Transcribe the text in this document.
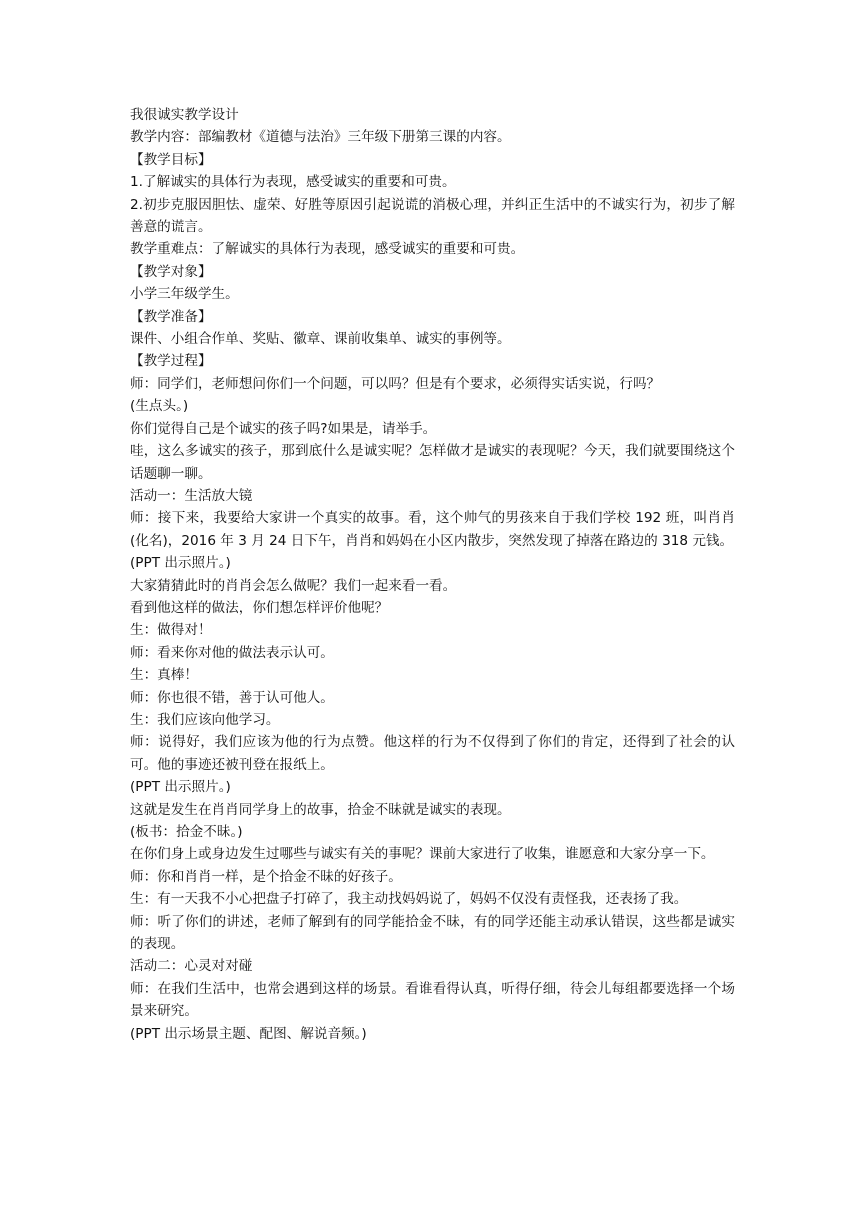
我很诚实教学设计
教学内容：部编教材《道德与法治》三年级下册第三课的内容。
【教学目标】
1.了解诚实的具体行为表现，感受诚实的重要和可贵。
2.初步克服因胆怯、虚荣、好胜等原因引起说谎的消极心理，并纠正生活中的不诚实行为，初步了解善意的谎言。
教学重难点：了解诚实的具体行为表现，感受诚实的重要和可贵。
【教学对象】
小学三年级学生。
【教学准备】
课件、小组合作单、奖贴、徽章、课前收集单、诚实的事例等。
【教学过程】
师：同学们，老师想问你们一个问题，可以吗？但是有个要求，必须得实话实说，行吗？
(生点头。)
你们觉得自己是个诚实的孩子吗?如果是，请举手。
哇，这么多诚实的孩子，那到底什么是诚实呢？怎样做才是诚实的表现呢？今天，我们就要围绕这个话题聊一聊。
活动一：生活放大镜
师：接下来，我要给大家讲一个真实的故事。看，这个帅气的男孩来自于我们学校 192 班，叫肖肖(化名)，2016 年 3 月 24 日下午，肖肖和妈妈在小区内散步，突然发现了掉落在路边的 318 元钱。
(PPT 出示照片。)
大家猜猜此时的肖肖会怎么做呢？我们一起来看一看。
看到他这样的做法，你们想怎样评价他呢？
生：做得对！
师：看来你对他的做法表示认可。
生：真棒！
师：你也很不错，善于认可他人。
生：我们应该向他学习。
师：说得好，我们应该为他的行为点赞。他这样的行为不仅得到了你们的肯定，还得到了社会的认可。他的事迹还被刊登在报纸上。
(PPT 出示照片。)
这就是发生在肖肖同学身上的故事，拾金不昧就是诚实的表现。
(板书：拾金不昧。)
在你们身上或身边发生过哪些与诚实有关的事呢？课前大家进行了收集，谁愿意和大家分享一下。
师：你和肖肖一样，是个拾金不昧的好孩子。
生：有一天我不小心把盘子打碎了，我主动找妈妈说了，妈妈不仅没有责怪我，还表扬了我。
师：听了你们的讲述，老师了解到有的同学能拾金不昧，有的同学还能主动承认错误，这些都是诚实的表现。
活动二：心灵对对碰
师：在我们生活中，也常会遇到这样的场景。看谁看得认真，听得仔细，待会儿每组都要选择一个场景来研究。
(PPT 出示场景主题、配图、解说音频。)
